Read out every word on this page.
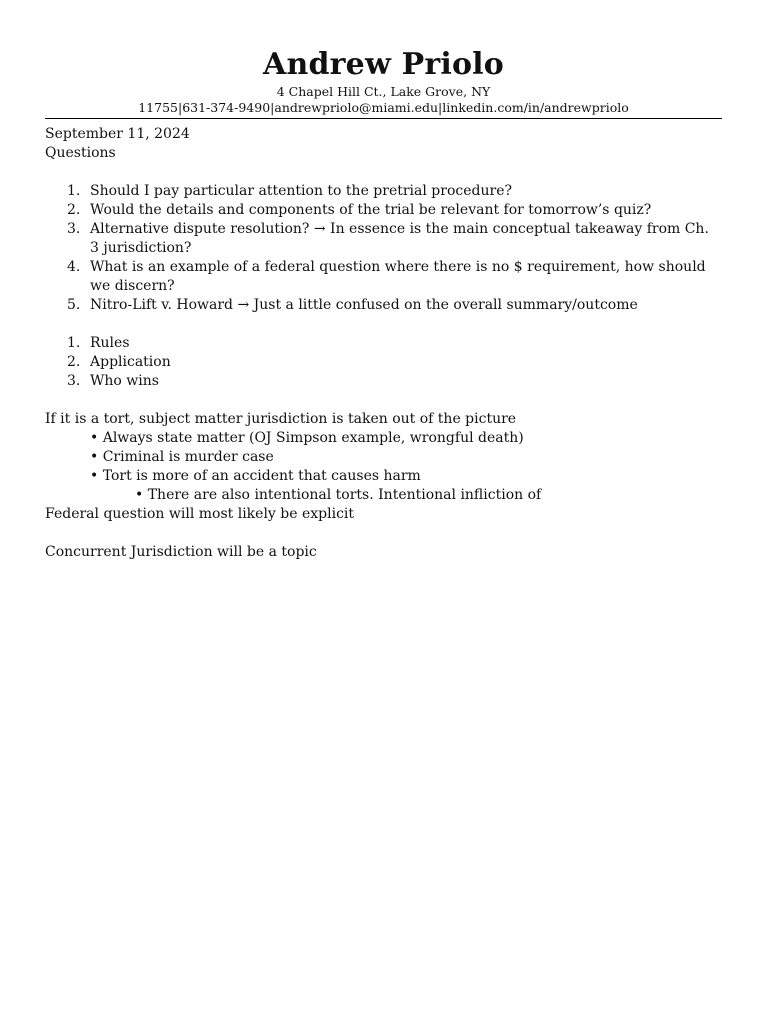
Andrew Priolo

4 Chapel Hill Ct., Lake Grove, NY

11755|631-374-9490|andrewpriolo@miami.edu|linkedin.com/in/andrewpriolo

September 11, 2024

Questions

1. Should I pay particular attention to the pretrial procedure?
2. Would the details and components of the trial be relevant for tomorrow’s quiz?
3. Alternative dispute resolution? → In essence is the main conceptual takeaway from Ch. 3 jurisdiction?
4. What is an example of a federal question where there is no $ requirement, how should we discern?
5. Nitro-Lift v. Howard → Just a little confused on the overall summary/outcome
1. Rules
2. Application
3. Who wins

If it is a tort, subject matter jurisdiction is taken out of the picture

• Always state matter (OJ Simpson example, wrongful death)

• Criminal is murder case

• Tort is more of an accident that causes harm

• There are also intentional torts. Intentional infliction of

Federal question will most likely be explicit

Concurrent Jurisdiction will be a topic
